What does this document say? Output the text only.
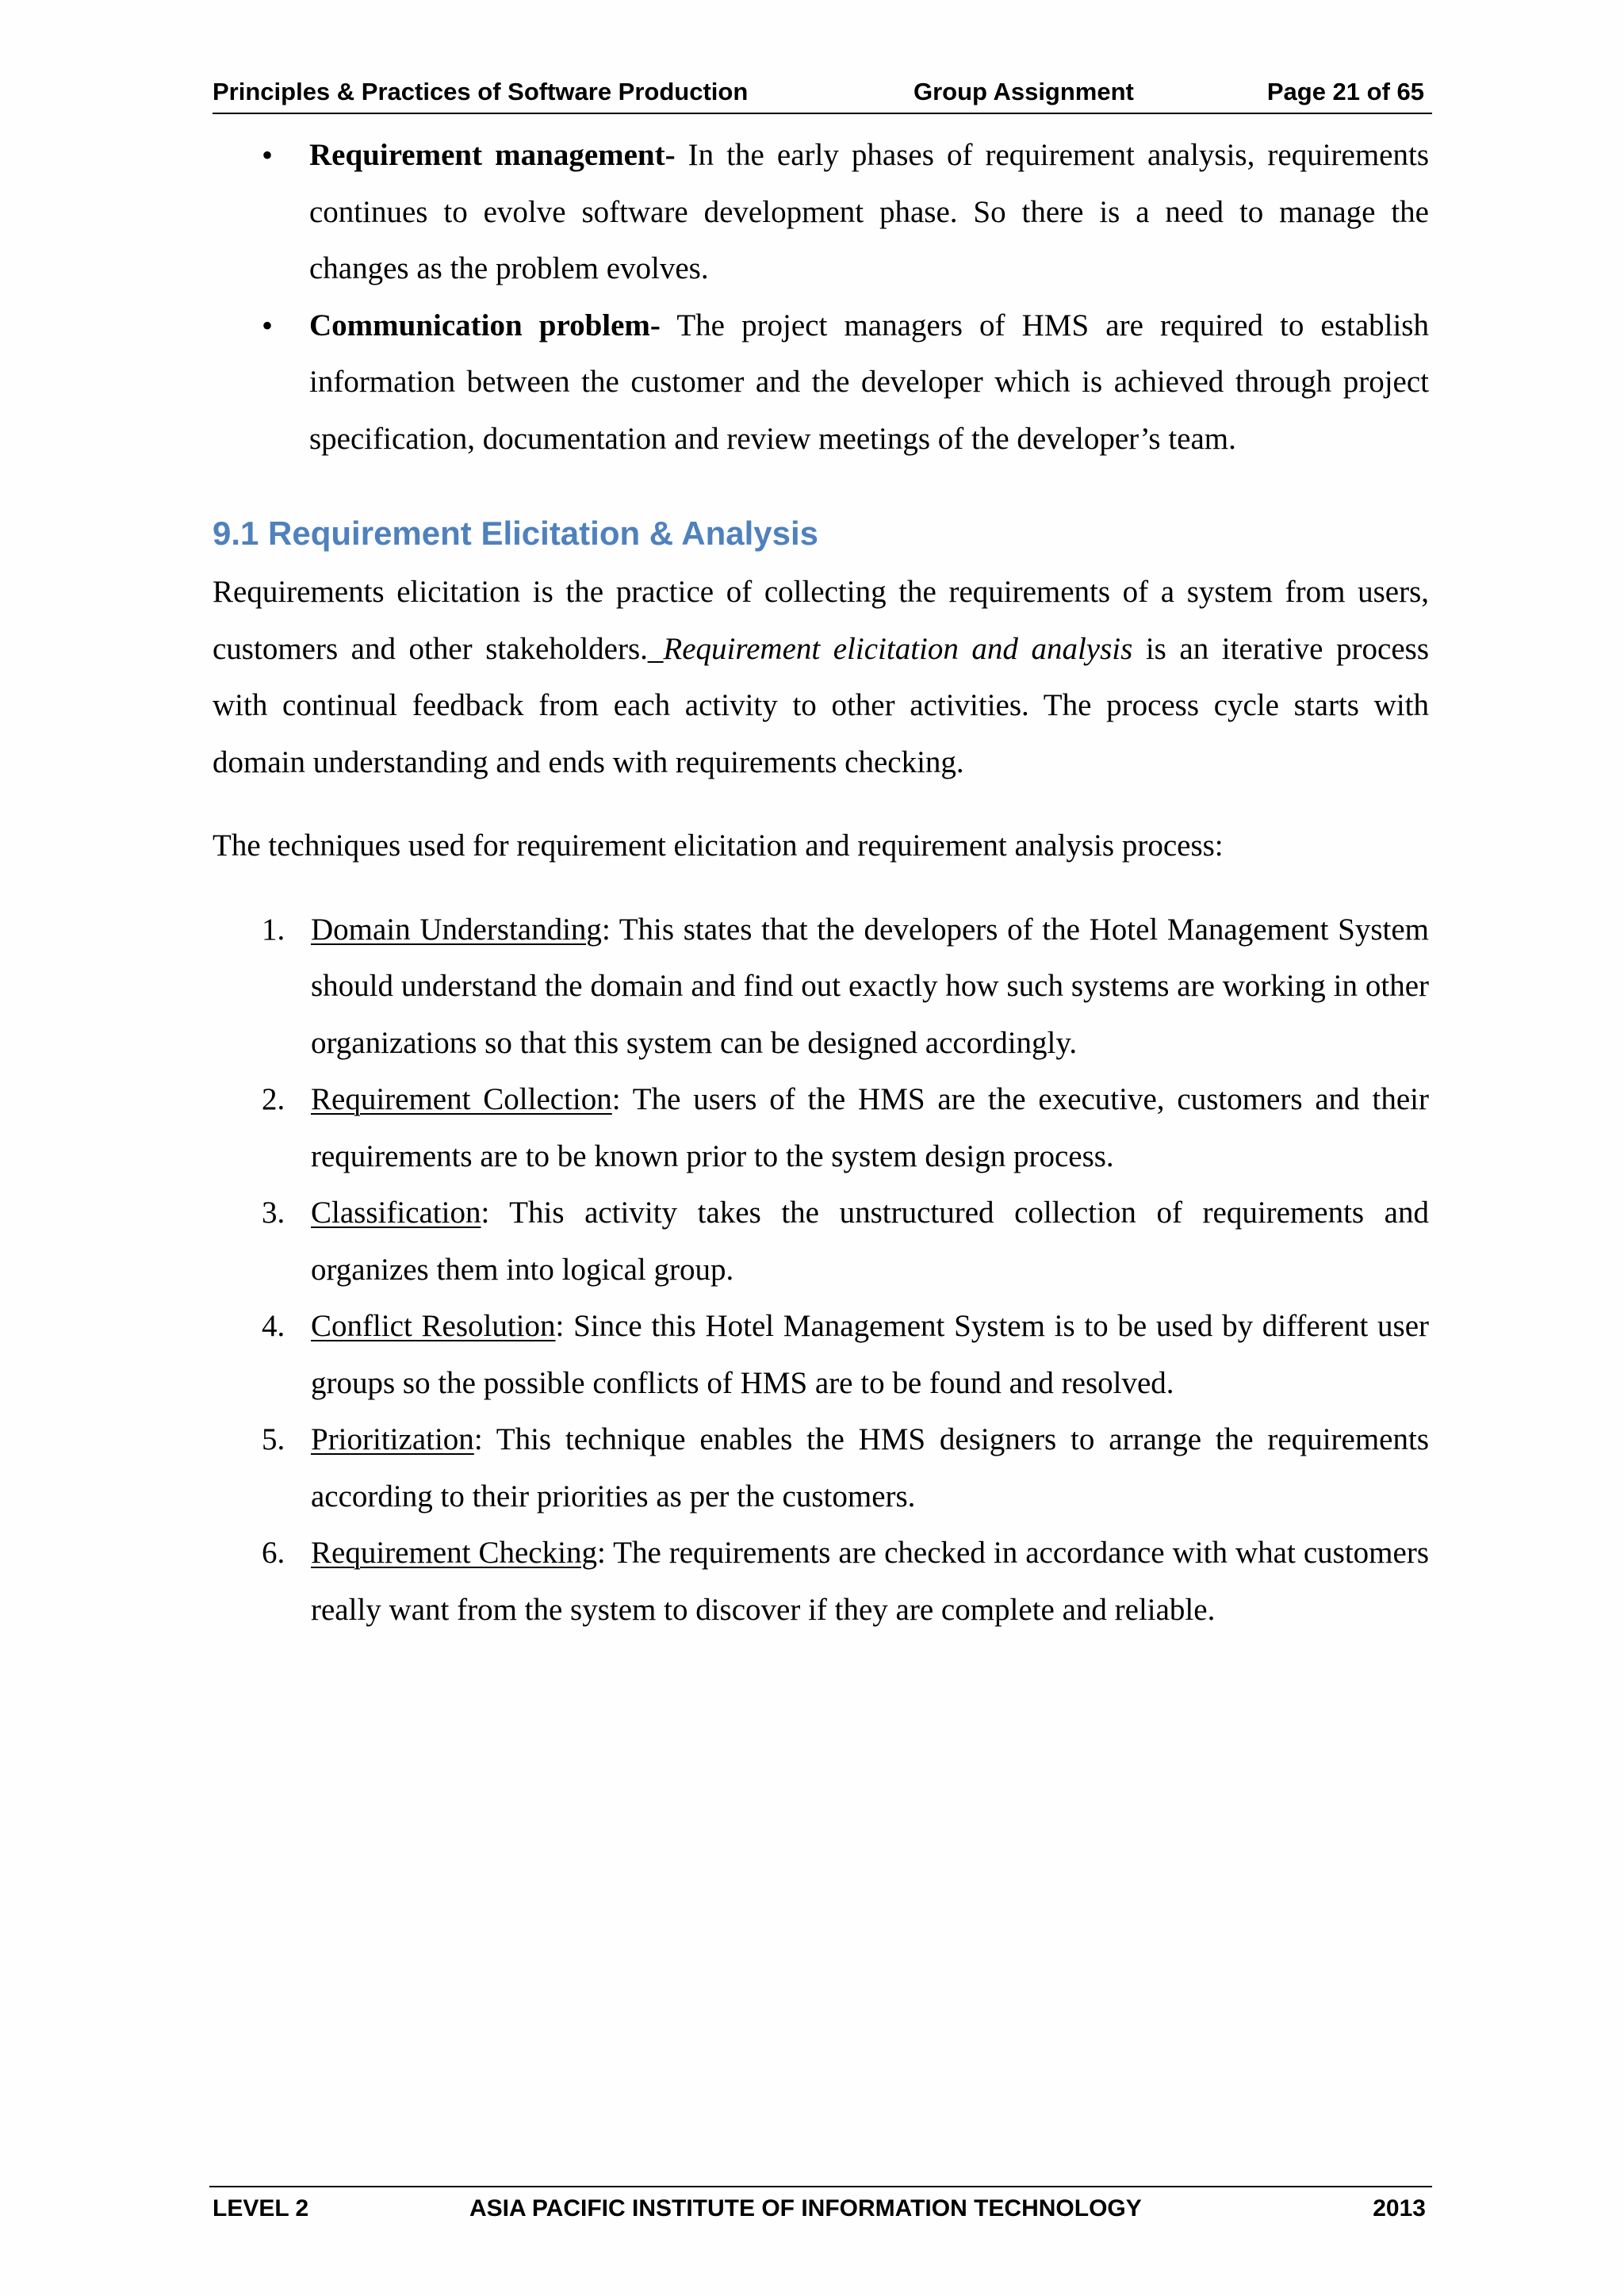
Principles & Practices of Software Production	Group Assignment	Page 21 of 65
• Requirement management- In the early phases of requirement analysis, requirements continues to evolve software development phase. So there is a need to manage the changes as the problem evolves.
• Communication problem- The project managers of HMS are required to establish information between the customer and the developer which is achieved through project specification, documentation and review meetings of the developer’s team.
9.1 Requirement Elicitation & Analysis

Requirements elicitation is the practice of collecting the requirements of a system from users, customers and other stakeholders._Requirement elicitation and analysis is an iterative process with continual feedback from each activity to other activities. The process cycle starts with domain understanding and ends with requirements checking.

The techniques used for requirement elicitation and requirement analysis process:

1. Domain Understanding: This states that the developers of the Hotel Management System should understand the domain and find out exactly how such systems are working in other organizations so that this system can be designed accordingly.
2. Requirement Collection: The users of the HMS are the executive, customers and their requirements are to be known prior to the system design process.
3. Classification: This activity takes the unstructured collection of requirements and organizes them into logical group.
4. Conflict Resolution: Since this Hotel Management System is to be used by different user groups so the possible conflicts of HMS are to be found and resolved.
5. Prioritization: This technique enables the HMS designers to arrange the requirements according to their priorities as per the customers.
6. Requirement Checking: The requirements are checked in accordance with what customers really want from the system to discover if they are complete and reliable.
LEVEL 2	ASIA PACIFIC INSTITUTE OF INFORMATION TECHNOLOGY	2013
